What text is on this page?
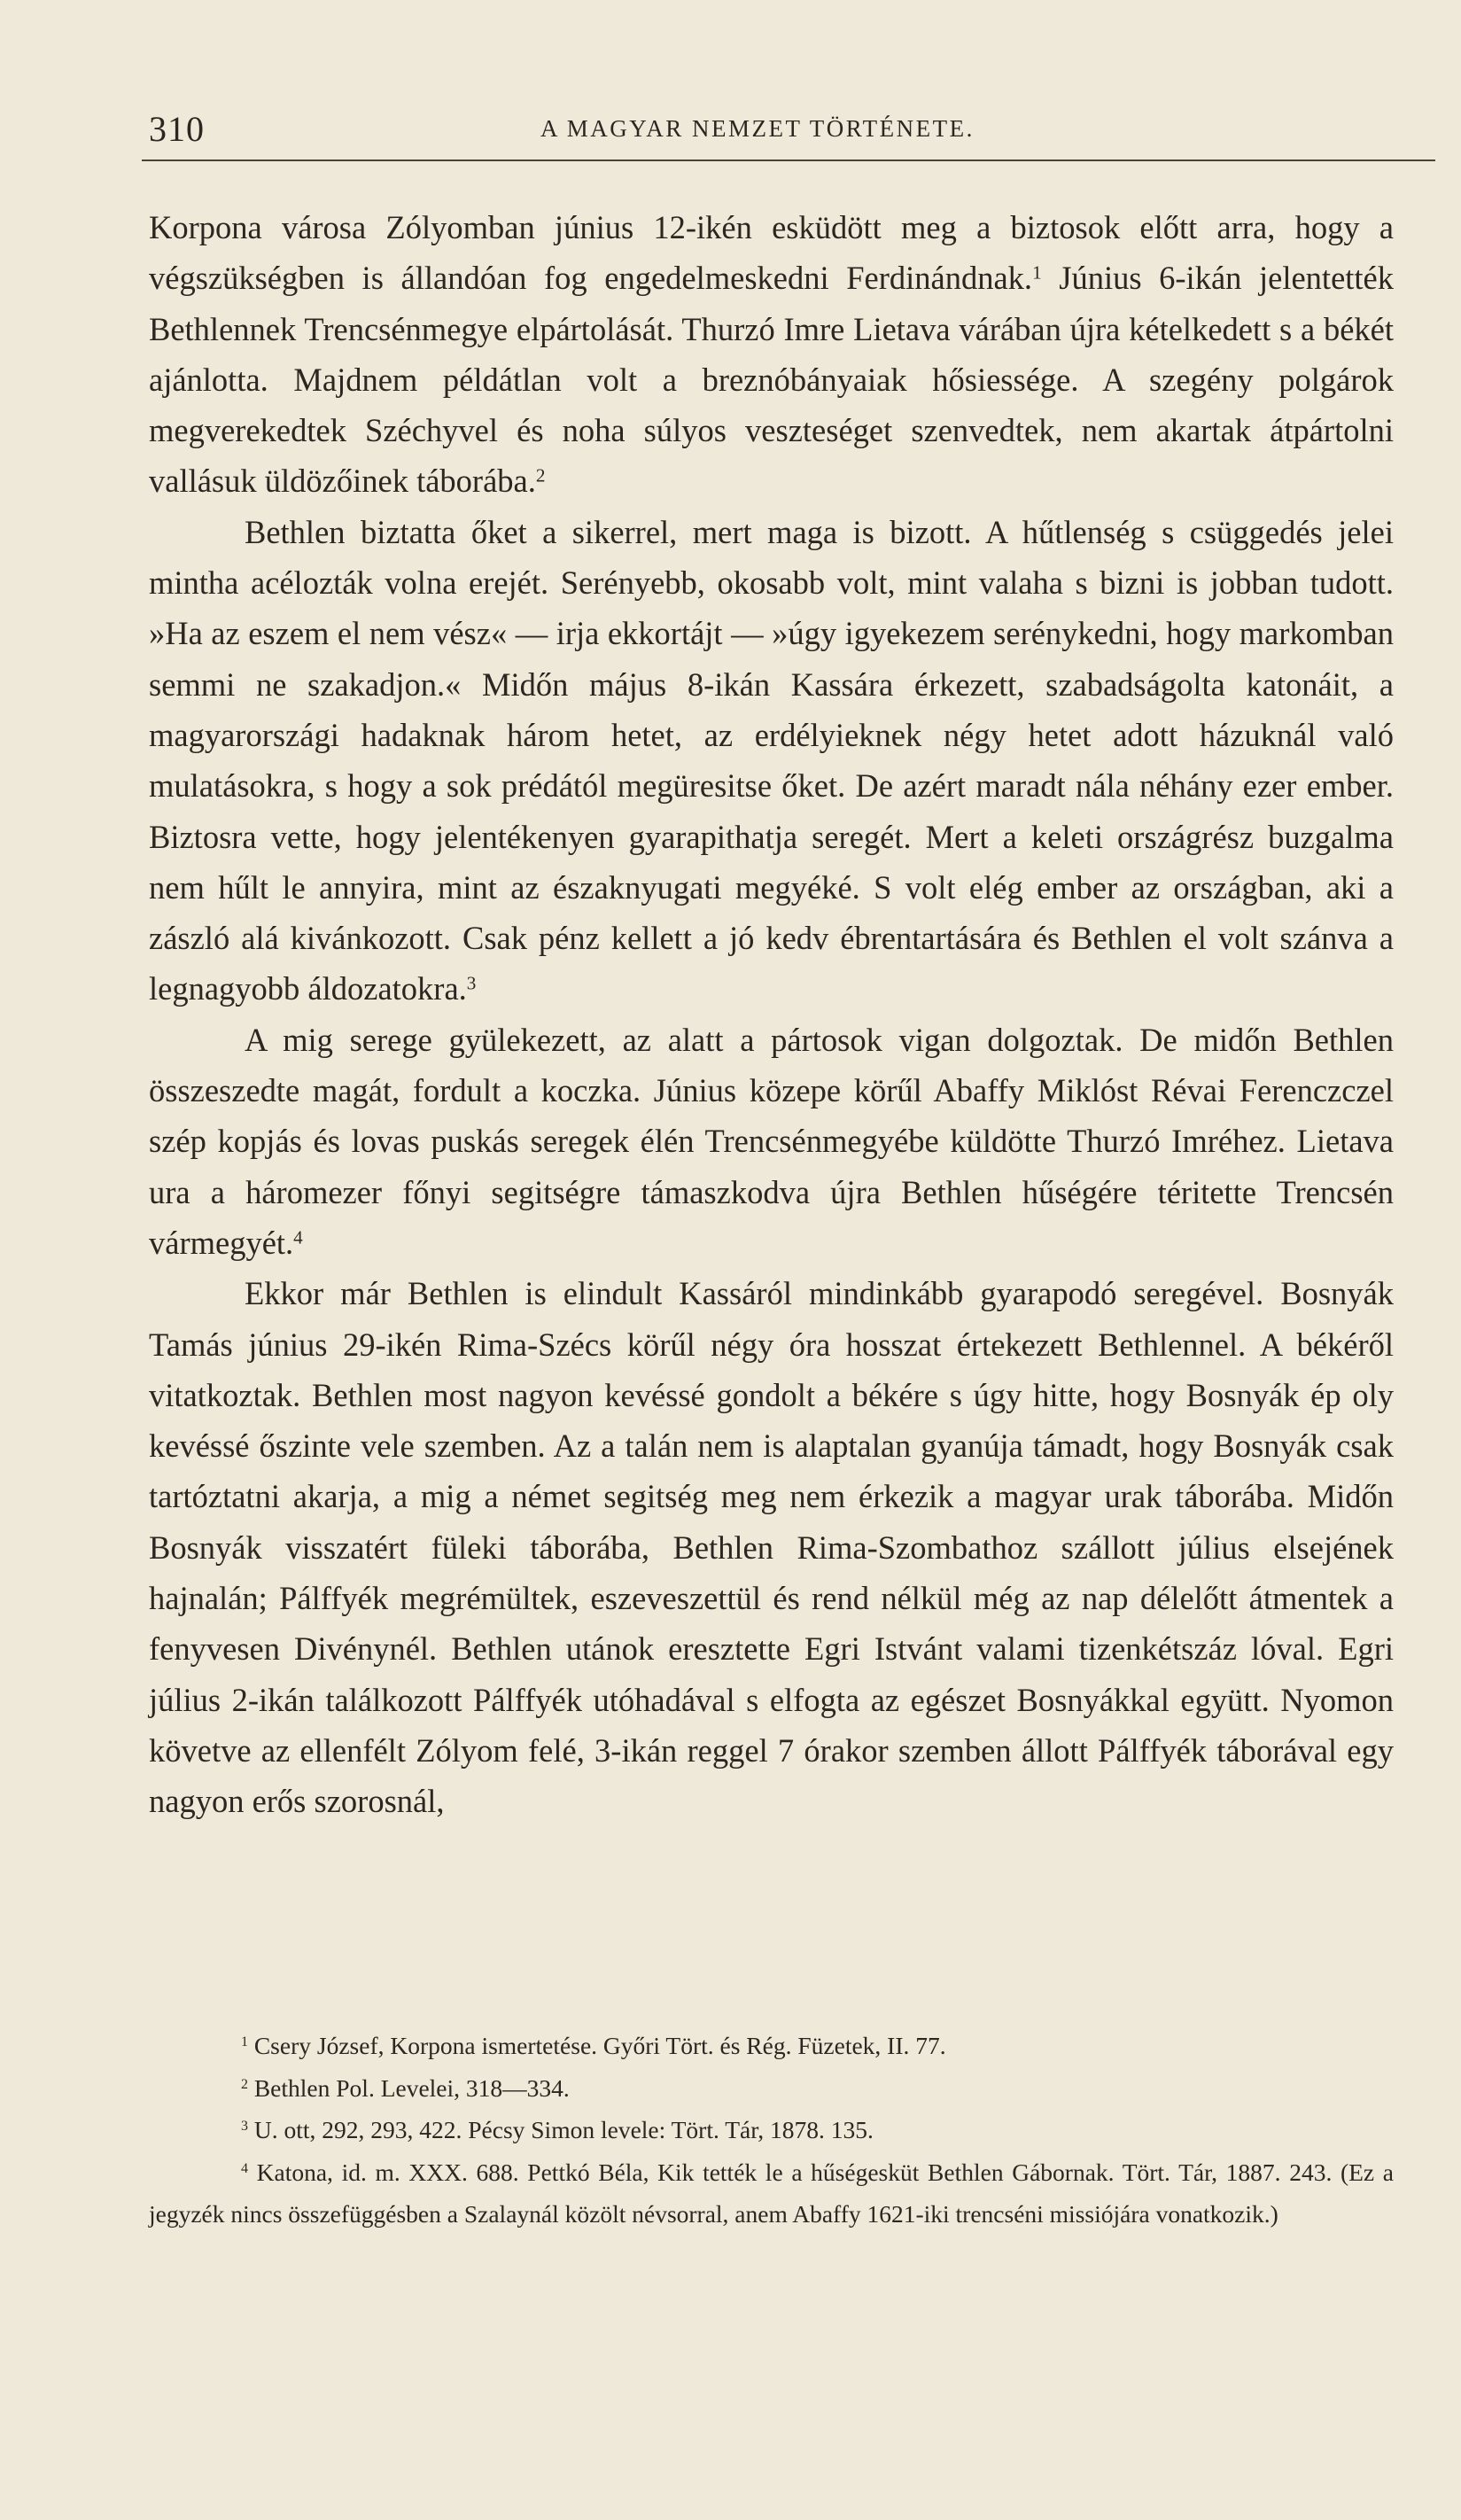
310	A MAGYAR NEMZET TÖRTÉNETE.

Korpona városa Zólyomban június 12-ikén esküdött meg a biztosok előtt arra, hogy a végszükségben is állandóan fog engedelmeskedni Ferdinándnak.$^1$ Június 6-ikán jelentették Bethlennek Trencsénmegye elpártolását. Thurzó Imre Lietava várában újra kételkedett s a békét ajánlotta. Majdnem példátlan volt a breznóbányaiak hősiessége. A szegény polgárok megverekedtek Széchyvel és noha súlyos veszteséget szenvedtek, nem akartak átpártolni vallásuk üldözőinek táborába.$^2$

Bethlen biztatta őket a sikerrel, mert maga is bizott. A hűtlenség s csüggedés jelei mintha acélozták volna erejét. Serényebb, okosabb volt, mint valaha s bizni is jobban tudott. »Ha az eszem el nem vész« — irja ekkortájt — »úgy igyekezem serénykedni, hogy markomban semmi ne szakadjon.« Midőn május 8-ikán Kassára érkezett, szabadságolta katonáit, a magyarországi hadaknak három hetet, az erdélyieknek négy hetet adott házuknál való mulatásokra, s hogy a sok prédától megüresitse őket. De azért maradt nála néhány ezer ember. Biztosra vette, hogy jelentékenyen gyarapithatja seregét. Mert a keleti országrész buzgalma nem hűlt le annyira, mint az északnyugati megyéké. S volt elég ember az országban, aki a zászló alá kivánkozott. Csak pénz kellett a jó kedv ébrentartására és Bethlen el volt szánva a legnagyobb áldozatokra.$^3$

A mig serege gyülekezett, az alatt a pártosok vigan dolgoztak. De midőn Bethlen összeszedte magát, fordult a koczka. Június közepe körűl Abaffy Miklóst Révai Ferenczczel szép kopjás és lovas puskás seregek élén Trencsénmegyébe küldötte Thurzó Imréhez. Lietava ura a háromezer főnyi segitségre támaszkodva újra Bethlen hűségére téritette Trencsén vármegyét.$^4$

Ekkor már Bethlen is elindult Kassáról mindinkább gyarapodó seregével. Bosnyák Tamás június 29-ikén Rima-Szécs körűl négy óra hosszat értekezett Bethlennel. A békéről vitatkoztak. Bethlen most nagyon kevéssé gondolt a békére s úgy hitte, hogy Bosnyák ép oly kevéssé őszinte vele szemben. Az a talán nem is alaptalan gyanúja támadt, hogy Bosnyák csak tartóztatni akarja, a mig a német segitség meg nem érkezik a magyar urak táborába. Midőn Bosnyák visszatért füleki táborába, Bethlen Rima-Szombathoz szállott július elsejének hajnalán; Pálffyék megrémültek, eszeveszettül és rend nélkül még az nap délelőtt átmentek a fenyvesen Divénynél. Bethlen utánok eresztette Egri Istvánt valami tizenkétszáz lóval. Egri július 2-ikán találkozott Pálffyék utóhadával s elfogta az egészet Bosnyákkal együtt. Nyomon követve az ellenfélt Zólyom felé, 3-ikán reggel 7 órakor szemben állott Pálffyék táborával egy nagyon erős szorosnál,

$^1$ Csery József, Korpona ismertetése. Győri Tört. és Rég. Füzetek, II. 77.

$^2$ Bethlen Pol. Levelei, 318—334.

$^3$ U. ott, 292, 293, 422. Pécsy Simon levele: Tört. Tár, 1878. 135.

$^4$ Katona, id. m. XXX. 688. Pettkó Béla, Kik tették le a hűségesküt Bethlen Gábornak. Tört. Tár, 1887. 243. (Ez a jegyzék nincs összefüggésben a Szalaynál közölt névsorral, anem Abaffy 1621-iki trencséni missiójára vonatkozik.)
